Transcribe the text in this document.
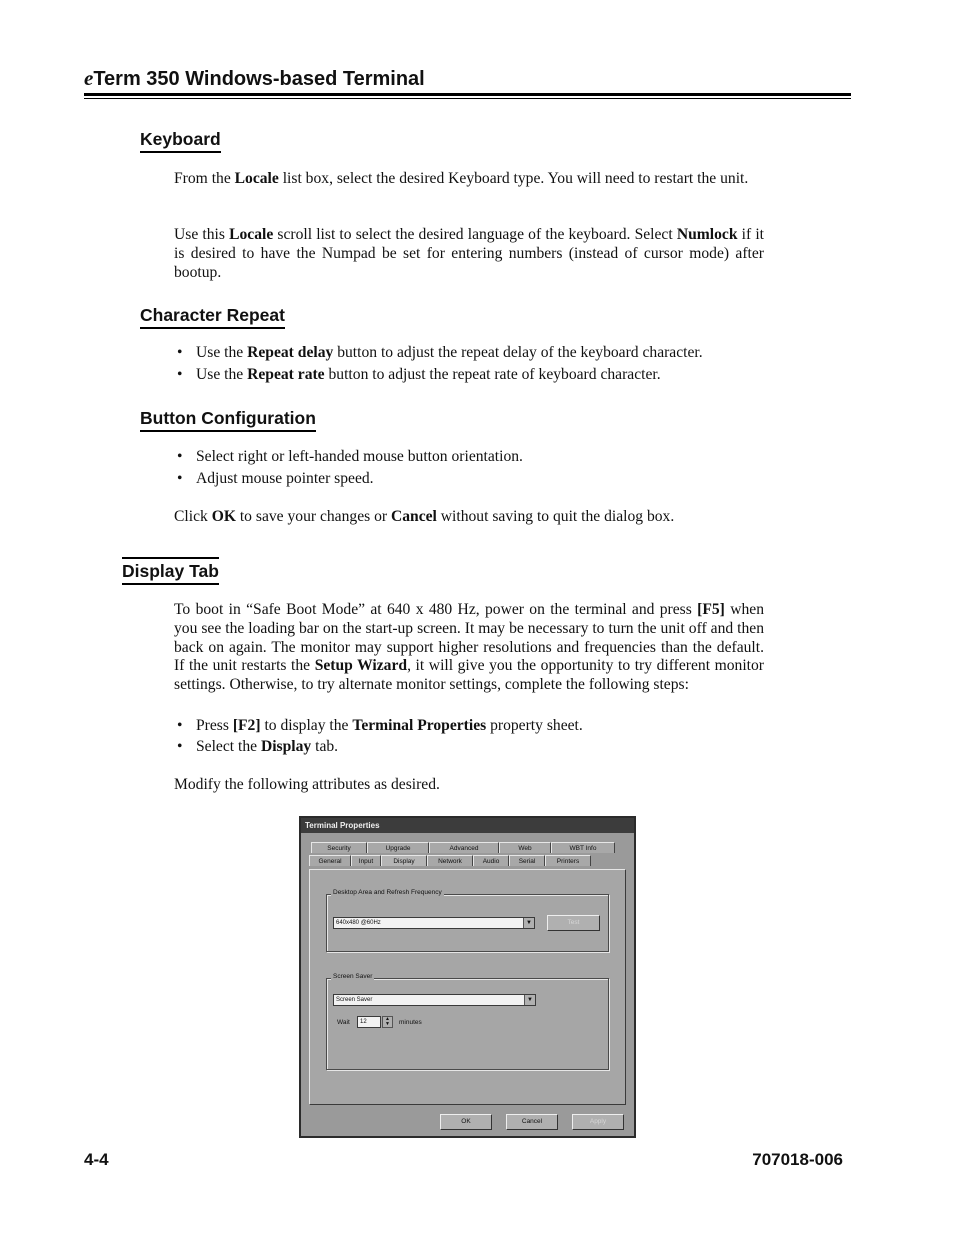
eTerm 350 Windows-based Terminal
Keyboard
From the Locale list box, select the desired Keyboard type. You will need to restart the unit.
Use this Locale scroll list to select the desired language of the keyboard. Select Numlock if it is desired to have the Numpad be set for entering numbers (instead of cursor mode) after bootup.
Character Repeat
• Use the Repeat delay button to adjust the repeat delay of the keyboard character.
• Use the Repeat rate button to adjust the repeat rate of keyboard character.
Button Configuration
• Select right or left-handed mouse button orientation.
• Adjust mouse pointer speed.
Click OK to save your changes or Cancel without saving to quit the dialog box.
Display Tab
To boot in “Safe Boot Mode” at 640 x 480 Hz, power on the terminal and press [F5] when you see the loading bar on the start-up screen. It may be necessary to turn the unit off and then back on again. The monitor may support higher resolutions and frequencies than the default. If the unit restarts the Setup Wizard, it will give you the opportunity to try different monitor settings. Otherwise, to try alternate monitor settings, complete the following steps:
• Press [F2] to display the Terminal Properties property sheet.
• Select the Display tab.
Modify the following attributes as desired.
Terminal Properties
Security	Upgrade	Advanced	Web	WBT Info
General	Input	Display	Network	Audio	Serial	Printers
Desktop Area and Refresh Frequency
640x480 @60Hz	▼	Test
Screen Saver
Screen Saver	▼
Wait	12	▲
▼	minutes
OK	Cancel	Apply
4-4	707018-006
